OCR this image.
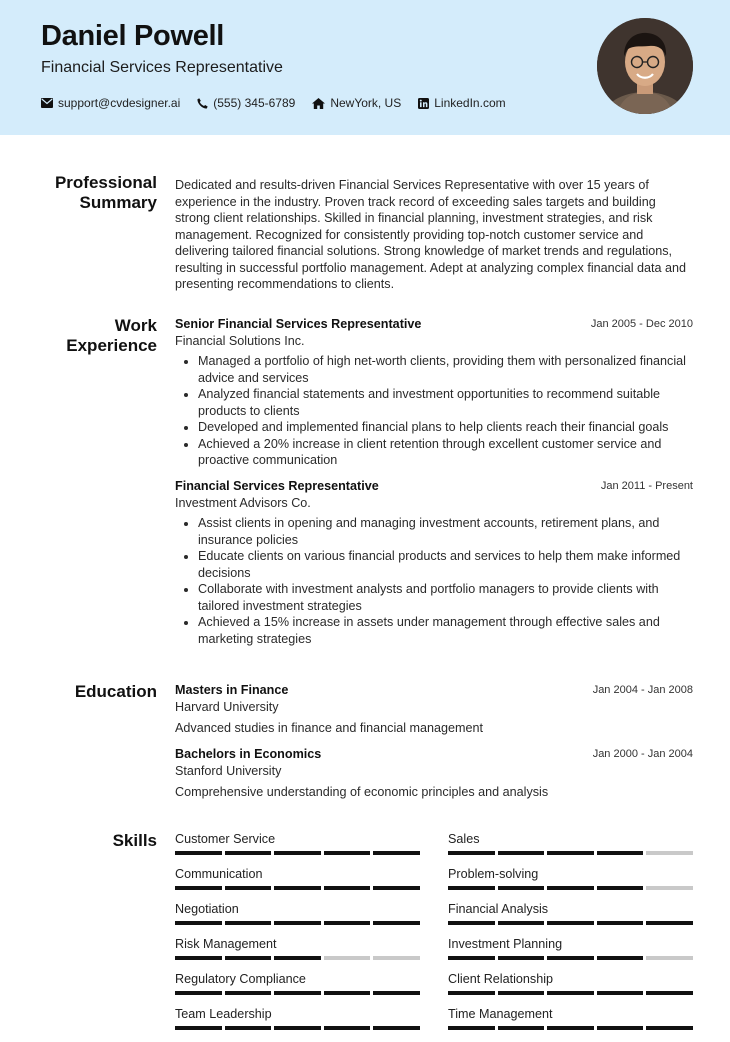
Daniel Powell
Financial Services Representative
support@cvdesigner.ai	(555) 345-6789	NewYork, US	LinkedIn.com
Professional
Summary

Dedicated and results-driven Financial Services Representative with over 15 years of experience in the industry. Proven track record of exceeding sales targets and building strong client relationships. Skilled in financial planning, investment strategies, and risk management. Recognized for consistently providing top-notch customer service and delivering tailored financial solutions. Strong knowledge of market trends and regulations, resulting in successful portfolio management. Adept at analyzing complex financial data and presenting recommendations to clients.

Work
Experience
Senior Financial Services Representative	Jan 2005 - Dec 2010
Financial Solutions Inc.
• Managed a portfolio of high net-worth clients, providing them with personalized financial advice and services
• Analyzed financial statements and investment opportunities to recommend suitable products to clients
• Developed and implemented financial plans to help clients reach their financial goals
• Achieved a 20% increase in client retention through excellent customer service and proactive communication
Financial Services Representative	Jan 2011 - Present
Investment Advisors Co.
• Assist clients in opening and managing investment accounts, retirement plans, and insurance policies
• Educate clients on various financial products and services to help them make informed decisions
• Collaborate with investment analysts and portfolio managers to provide clients with tailored investment strategies
• Achieved a 15% increase in assets under management through effective sales and marketing strategies
Education Masters in Finance	Jan 2004 - Jan 2008
Harvard University
Advanced studies in finance and financial management
Bachelors in Economics	Jan 2000 - Jan 2004
Stanford University
Comprehensive understanding of economic principles and analysis
Skills Customer Service	Sales
Communication	Problem-solving
Negotiation	Financial Analysis
Risk Management	Investment Planning
Regulatory Compliance	Client Relationship
Team Leadership	Time Management
